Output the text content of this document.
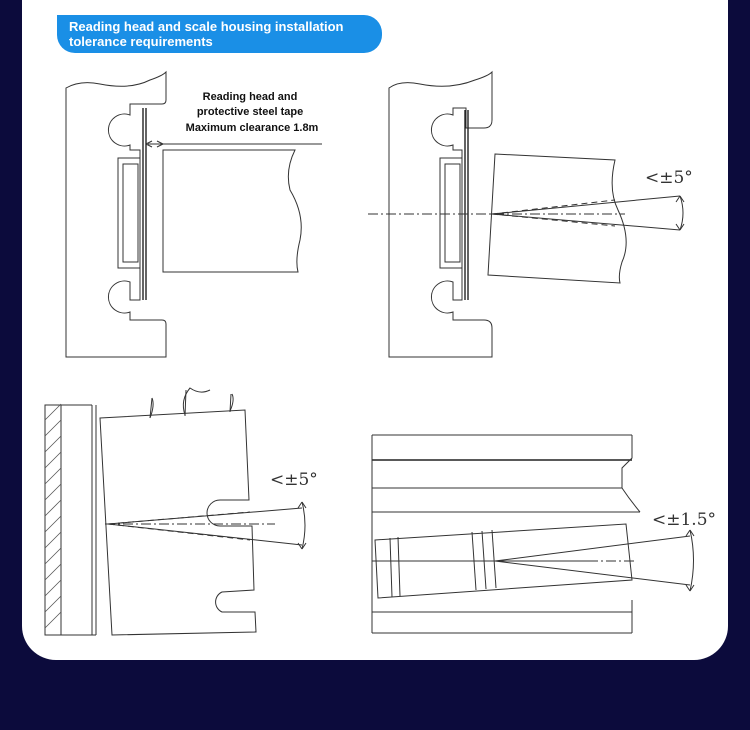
Reading head and scale housing installation
tolerance requirements
Reading head and
protective steel tape
Maximum clearance 1.8m
<±5°
<±5°
<±1.5°
